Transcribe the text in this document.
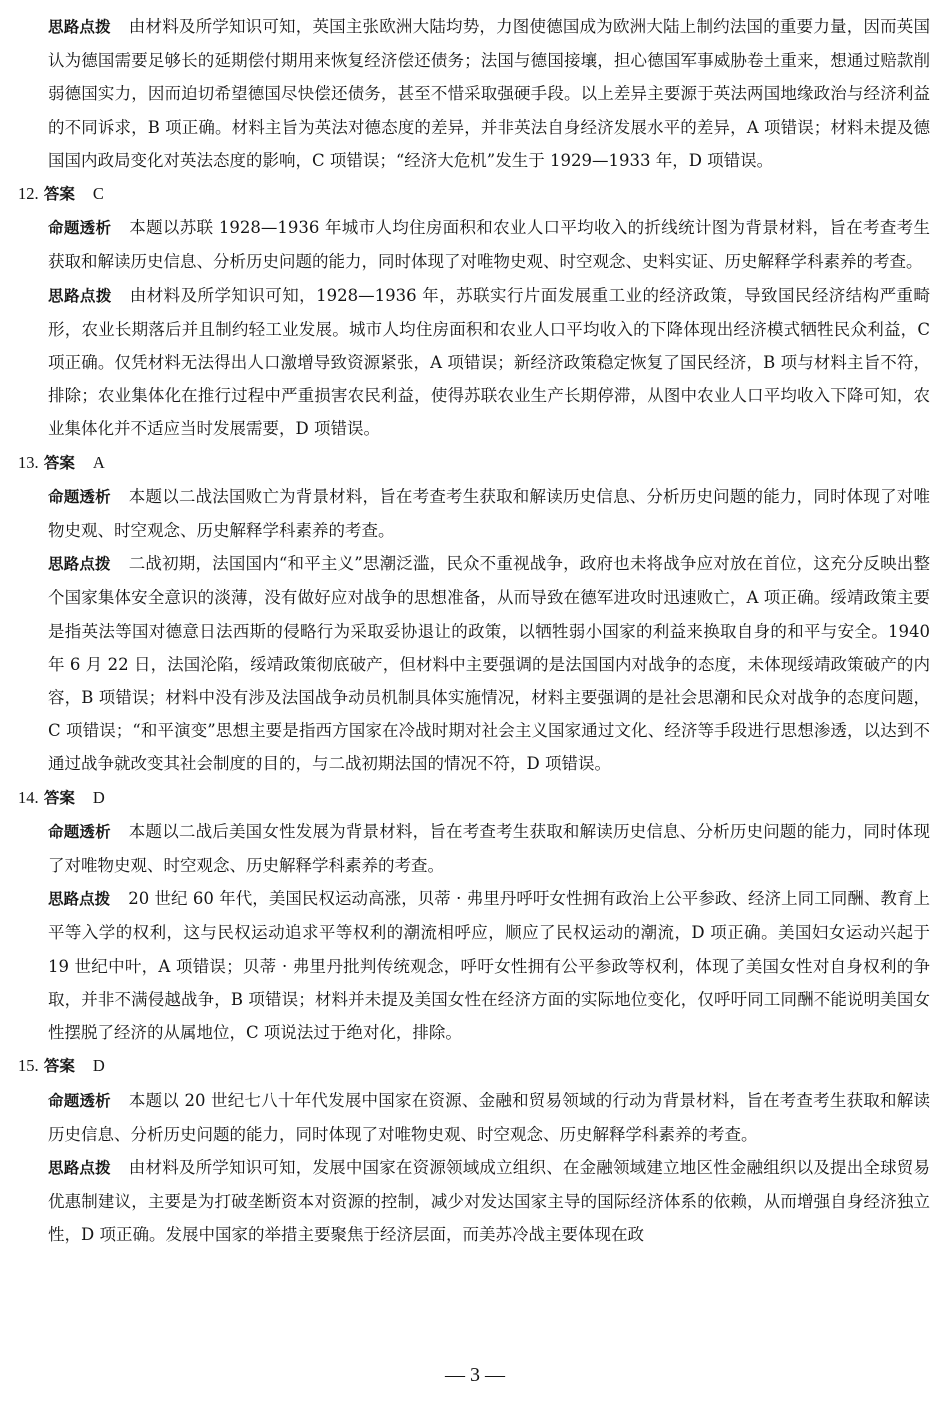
思路点拨 由材料及所学知识可知，英国主张欧洲大陆均势，力图使德国成为欧洲大陆上制约法国的重要力量，因而英国认为德国需要足够长的延期偿付期用来恢复经济偿还债务；法国与德国接壤，担心德国军事威胁卷土重来，想通过赔款削弱德国实力，因而迫切希望德国尽快偿还债务，甚至不惜采取强硬手段。以上差异主要源于英法两国地缘政治与经济利益的不同诉求，B 项正确。材料主旨为英法对德态度的差异，并非英法自身经济发展水平的差异，A 项错误；材料未提及德国国内政局变化对英法态度的影响，C 项错误；“经济大危机”发生于 1929—1933 年，D 项错误。

12. 答案 C

命题透析 本题以苏联 1928—1936 年城市人均住房面积和农业人口平均收入的折线统计图为背景材料，旨在考查考生获取和解读历史信息、分析历史问题的能力，同时体现了对唯物史观、时空观念、史料实证、历史解释学科素养的考查。

思路点拨 由材料及所学知识可知，1928—1936 年，苏联实行片面发展重工业的经济政策，导致国民经济结构严重畸形，农业长期落后并且制约轻工业发展。城市人均住房面积和农业人口平均收入的下降体现出经济模式牺牲民众利益，C 项正确。仅凭材料无法得出人口激增导致资源紧张，A 项错误；新经济政策稳定恢复了国民经济，B 项与材料主旨不符，排除；农业集体化在推行过程中严重损害农民利益，使得苏联农业生产长期停滞，从图中农业人口平均收入下降可知，农业集体化并不适应当时发展需要，D 项错误。

13. 答案 A

命题透析 本题以二战法国败亡为背景材料，旨在考查考生获取和解读历史信息、分析历史问题的能力，同时体现了对唯物史观、时空观念、历史解释学科素养的考查。

思路点拨 二战初期，法国国内“和平主义”思潮泛滥，民众不重视战争，政府也未将战争应对放在首位，这充分反映出整个国家集体安全意识的淡薄，没有做好应对战争的思想准备，从而导致在德军进攻时迅速败亡，A 项正确。绥靖政策主要是指英法等国对德意日法西斯的侵略行为采取妥协退让的政策，以牺牲弱小国家的利益来换取自身的和平与安全。1940 年 6 月 22 日，法国沦陷，绥靖政策彻底破产，但材料中主要强调的是法国国内对战争的态度，未体现绥靖政策破产的内容，B 项错误；材料中没有涉及法国战争动员机制具体实施情况，材料主要强调的是社会思潮和民众对战争的态度问题，C 项错误；“和平演变”思想主要是指西方国家在冷战时期对社会主义国家通过文化、经济等手段进行思想渗透，以达到不通过战争就改变其社会制度的目的，与二战初期法国的情况不符，D 项错误。

14. 答案 D

命题透析 本题以二战后美国女性发展为背景材料，旨在考查考生获取和解读历史信息、分析历史问题的能力，同时体现了对唯物史观、时空观念、历史解释学科素养的考查。

思路点拨 20 世纪 60 年代，美国民权运动高涨，贝蒂 · 弗里丹呼吁女性拥有政治上公平参政、经济上同工同酬、教育上平等入学的权利，这与民权运动追求平等权利的潮流相呼应，顺应了民权运动的潮流，D 项正确。美国妇女运动兴起于 19 世纪中叶，A 项错误；贝蒂 · 弗里丹批判传统观念，呼吁女性拥有公平参政等权利，体现了美国女性对自身权利的争取，并非不满侵越战争，B 项错误；材料并未提及美国女性在经济方面的实际地位变化，仅呼吁同工同酬不能说明美国女性摆脱了经济的从属地位，C 项说法过于绝对化，排除。

15. 答案 D

命题透析 本题以 20 世纪七八十年代发展中国家在资源、金融和贸易领域的行动为背景材料，旨在考查考生获取和解读历史信息、分析历史问题的能力，同时体现了对唯物史观、时空观念、历史解释学科素养的考查。

思路点拨 由材料及所学知识可知，发展中国家在资源领域成立组织、在金融领域建立地区性金融组织以及提出全球贸易优惠制建议，主要是为打破垄断资本对资源的控制，减少对发达国家主导的国际经济体系的依赖，从而增强自身经济独立性，D 项正确。发展中国家的举措主要聚焦于经济层面，而美苏冷战主要体现在政

— 3 —
